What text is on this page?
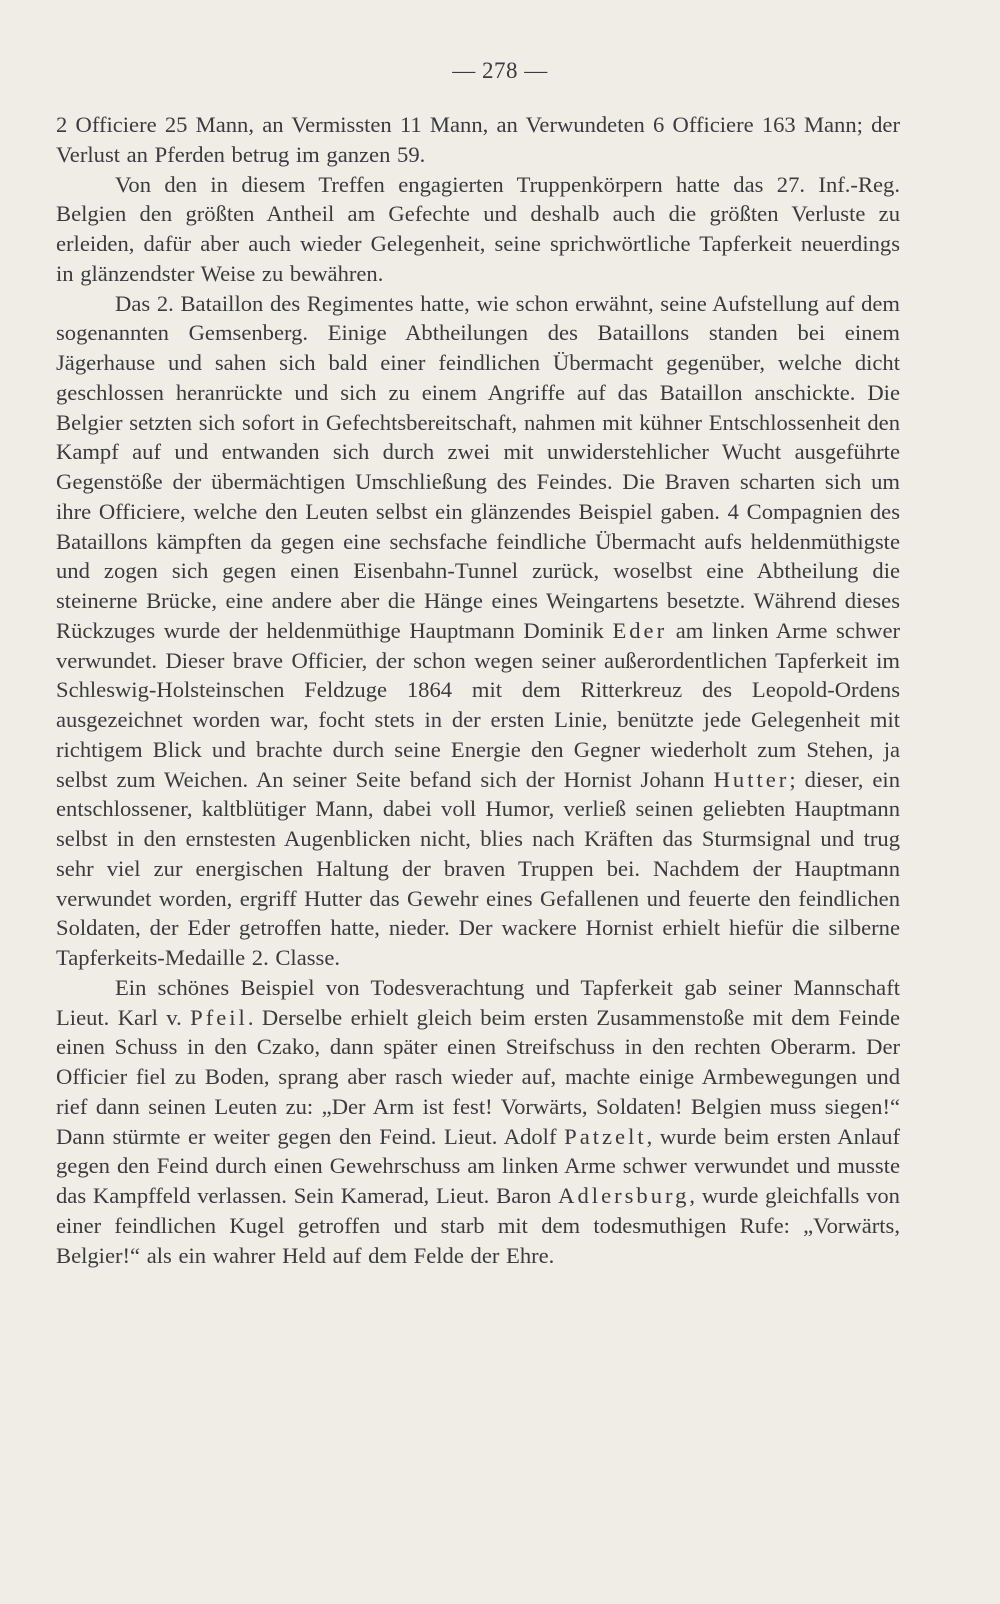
— 278 —

2 Officiere 25 Mann, an Vermissten 11 Mann, an Verwundeten 6 Officiere 163 Mann; der Verlust an Pferden betrug im ganzen 59.

Von den in diesem Treffen engagierten Truppenkörpern hatte das 27. Inf.-Reg. Belgien den größten Antheil am Gefechte und deshalb auch die größten Verluste zu erleiden, dafür aber auch wieder Gelegenheit, seine sprichwörtliche Tapferkeit neuerdings in glänzendster Weise zu bewähren.

Das 2. Bataillon des Regimentes hatte, wie schon erwähnt, seine Aufstellung auf dem sogenannten Gemsenberg. Einige Abtheilungen des Bataillons standen bei einem Jägerhause und sahen sich bald einer feindlichen Übermacht gegenüber, welche dicht geschlossen heranrückte und sich zu einem Angriffe auf das Bataillon anschickte. Die Belgier setzten sich sofort in Gefechtsbereitschaft, nahmen mit kühner Entschlossenheit den Kampf auf und entwanden sich durch zwei mit unwiderstehlicher Wucht ausgeführte Gegenstöße der übermächtigen Umschließung des Feindes. Die Braven scharten sich um ihre Officiere, welche den Leuten selbst ein glänzendes Beispiel gaben. 4 Compagnien des Bataillons kämpften da gegen eine sechsfache feindliche Übermacht aufs heldenmüthigste und zogen sich gegen einen Eisenbahn-Tunnel zurück, woselbst eine Abtheilung die steinerne Brücke, eine andere aber die Hänge eines Weingartens besetzte. Während dieses Rückzuges wurde der heldenmüthige Hauptmann Dominik Eder am linken Arme schwer verwundet. Dieser brave Officier, der schon wegen seiner außerordentlichen Tapferkeit im Schleswig-Holsteinschen Feldzuge 1864 mit dem Ritterkreuz des Leopold-Ordens ausgezeichnet worden war, focht stets in der ersten Linie, benützte jede Gelegenheit mit richtigem Blick und brachte durch seine Energie den Gegner wiederholt zum Stehen, ja selbst zum Weichen. An seiner Seite befand sich der Hornist Johann Hutter; dieser, ein entschlossener, kaltblütiger Mann, dabei voll Humor, verließ seinen geliebten Hauptmann selbst in den ernstesten Augenblicken nicht, blies nach Kräften das Sturmsignal und trug sehr viel zur energischen Haltung der braven Truppen bei. Nachdem der Hauptmann verwundet worden, ergriff Hutter das Gewehr eines Gefallenen und feuerte den feindlichen Soldaten, der Eder getroffen hatte, nieder. Der wackere Hornist erhielt hiefür die silberne Tapferkeits-Medaille 2. Classe.

Ein schönes Beispiel von Todesverachtung und Tapferkeit gab seiner Mannschaft Lieut. Karl v. Pfeil. Derselbe erhielt gleich beim ersten Zusammenstoße mit dem Feinde einen Schuss in den Czako, dann später einen Streifschuss in den rechten Oberarm. Der Officier fiel zu Boden, sprang aber rasch wieder auf, machte einige Armbewegungen und rief dann seinen Leuten zu: „Der Arm ist fest! Vorwärts, Soldaten! Belgien muss siegen!“ Dann stürmte er weiter gegen den Feind. Lieut. Adolf Patzelt, wurde beim ersten Anlauf gegen den Feind durch einen Gewehrschuss am linken Arme schwer verwundet und musste das Kampffeld verlassen. Sein Kamerad, Lieut. Baron Adlersburg, wurde gleichfalls von einer feindlichen Kugel getroffen und starb mit dem todesmuthigen Rufe: „Vorwärts, Belgier!“ als ein wahrer Held auf dem Felde der Ehre.
